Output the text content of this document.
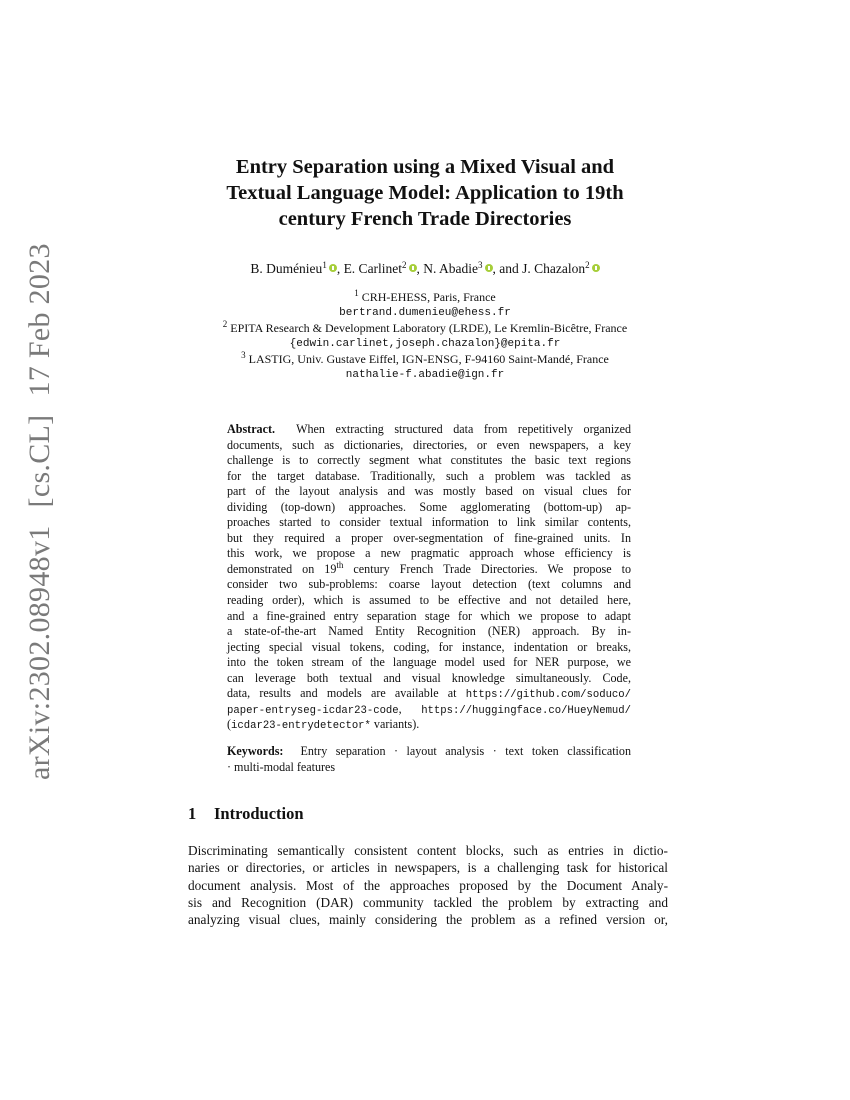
arXiv:2302.08948v1[cs.CL]17 Feb 2023
Entry Separation using a Mixed Visual and
Textual Language Model: Application to 19th
century French Trade Directories
B. Duménieu$^1$ , E. Carlinet$^2$ , N. Abadie$^3$ , and J. Chazalon$^2$
$^1$ CRH-EHESS, Paris, France
bertrand.dumenieu@ehess.fr
$^2$ EPITA Research & Development Laboratory (LRDE), Le Kremlin-Bicêtre, France
{edwin.carlinet,joseph.chazalon}@epita.fr
$^3$ LASTIG, Univ. Gustave Eiffel, IGN-ENSG, F-94160 Saint-Mandé, France
nathalie-f.abadie@ign.fr
Abstract. When extracting structured data from repetitively organized
documents, such as dictionaries, directories, or even newspapers, a key
challenge is to correctly segment what constitutes the basic text regions
for the target database. Traditionally, such a problem was tackled as
part of the layout analysis and was mostly based on visual clues for
dividing (top-down) approaches. Some agglomerating (bottom-up) ap-
proaches started to consider textual information to link similar contents,
but they required a proper over-segmentation of fine-grained units. In
this work, we propose a new pragmatic approach whose efficiency is
demonstrated on 19th century French Trade Directories. We propose to
consider two sub-problems: coarse layout detection (text columns and
reading order), which is assumed to be effective and not detailed here,
and a fine-grained entry separation stage for which we propose to adapt
a state-of-the-art Named Entity Recognition (NER) approach. By in-
jecting special visual tokens, coding, for instance, indentation or breaks,
into the token stream of the language model used for NER purpose, we
can leverage both textual and visual knowledge simultaneously. Code,
data, results and models are available at https://github.com/soduco/
paper-entryseg-icdar23-code, https://huggingface.co/HueyNemud/
(icdar23-entrydetector* variants).
Keywords: Entry separation · layout analysis · text token classification
· multi-modal features
1 Introduction
Discriminating semantically consistent content blocks, such as entries in dictio-
naries or directories, or articles in newspapers, is a challenging task for historical
document analysis. Most of the approaches proposed by the Document Analy-
sis and Recognition (DAR) community tackled the problem by extracting and
analyzing visual clues, mainly considering the problem as a refined version or,
